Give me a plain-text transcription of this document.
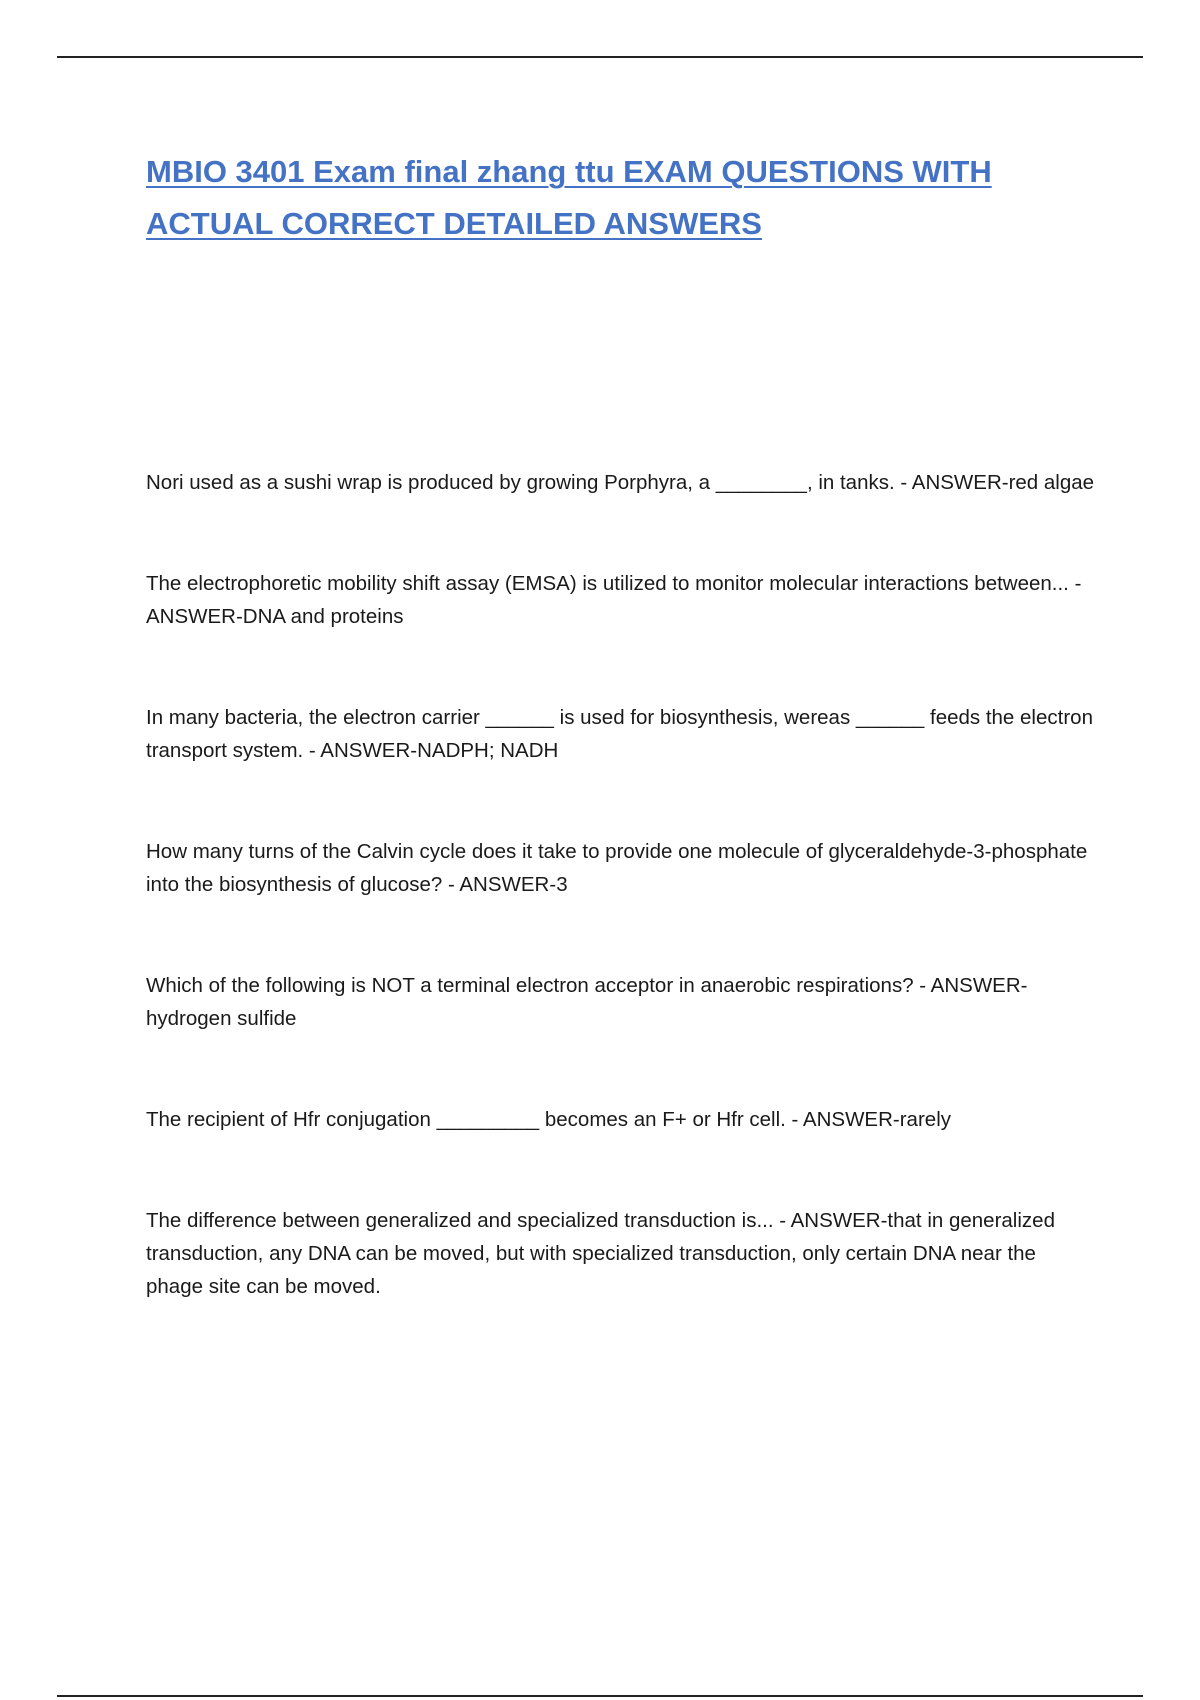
MBIO 3401 Exam final zhang ttu EXAM QUESTIONS WITH
ACTUAL CORRECT DETAILED ANSWERS
Nori used as a sushi wrap is produced by growing Porphyra, a ________, in tanks. - ANSWER-red algae
The electrophoretic mobility shift assay (EMSA) is utilized to monitor molecular interactions between... - ANSWER-DNA and proteins
In many bacteria, the electron carrier ______ is used for biosynthesis, wereas ______ feeds the electron transport system. - ANSWER-NADPH; NADH
How many turns of the Calvin cycle does it take to provide one molecule of glyceraldehyde-3-phosphate into the biosynthesis of glucose? - ANSWER-3
Which of the following is NOT a terminal electron acceptor in anaerobic respirations? - ANSWER-hydrogen sulfide
The recipient of Hfr conjugation _________ becomes an F+ or Hfr cell. - ANSWER-rarely
The difference between generalized and specialized transduction is... - ANSWER-that in generalized transduction, any DNA can be moved, but with specialized transduction, only certain DNA near the phage site can be moved.
